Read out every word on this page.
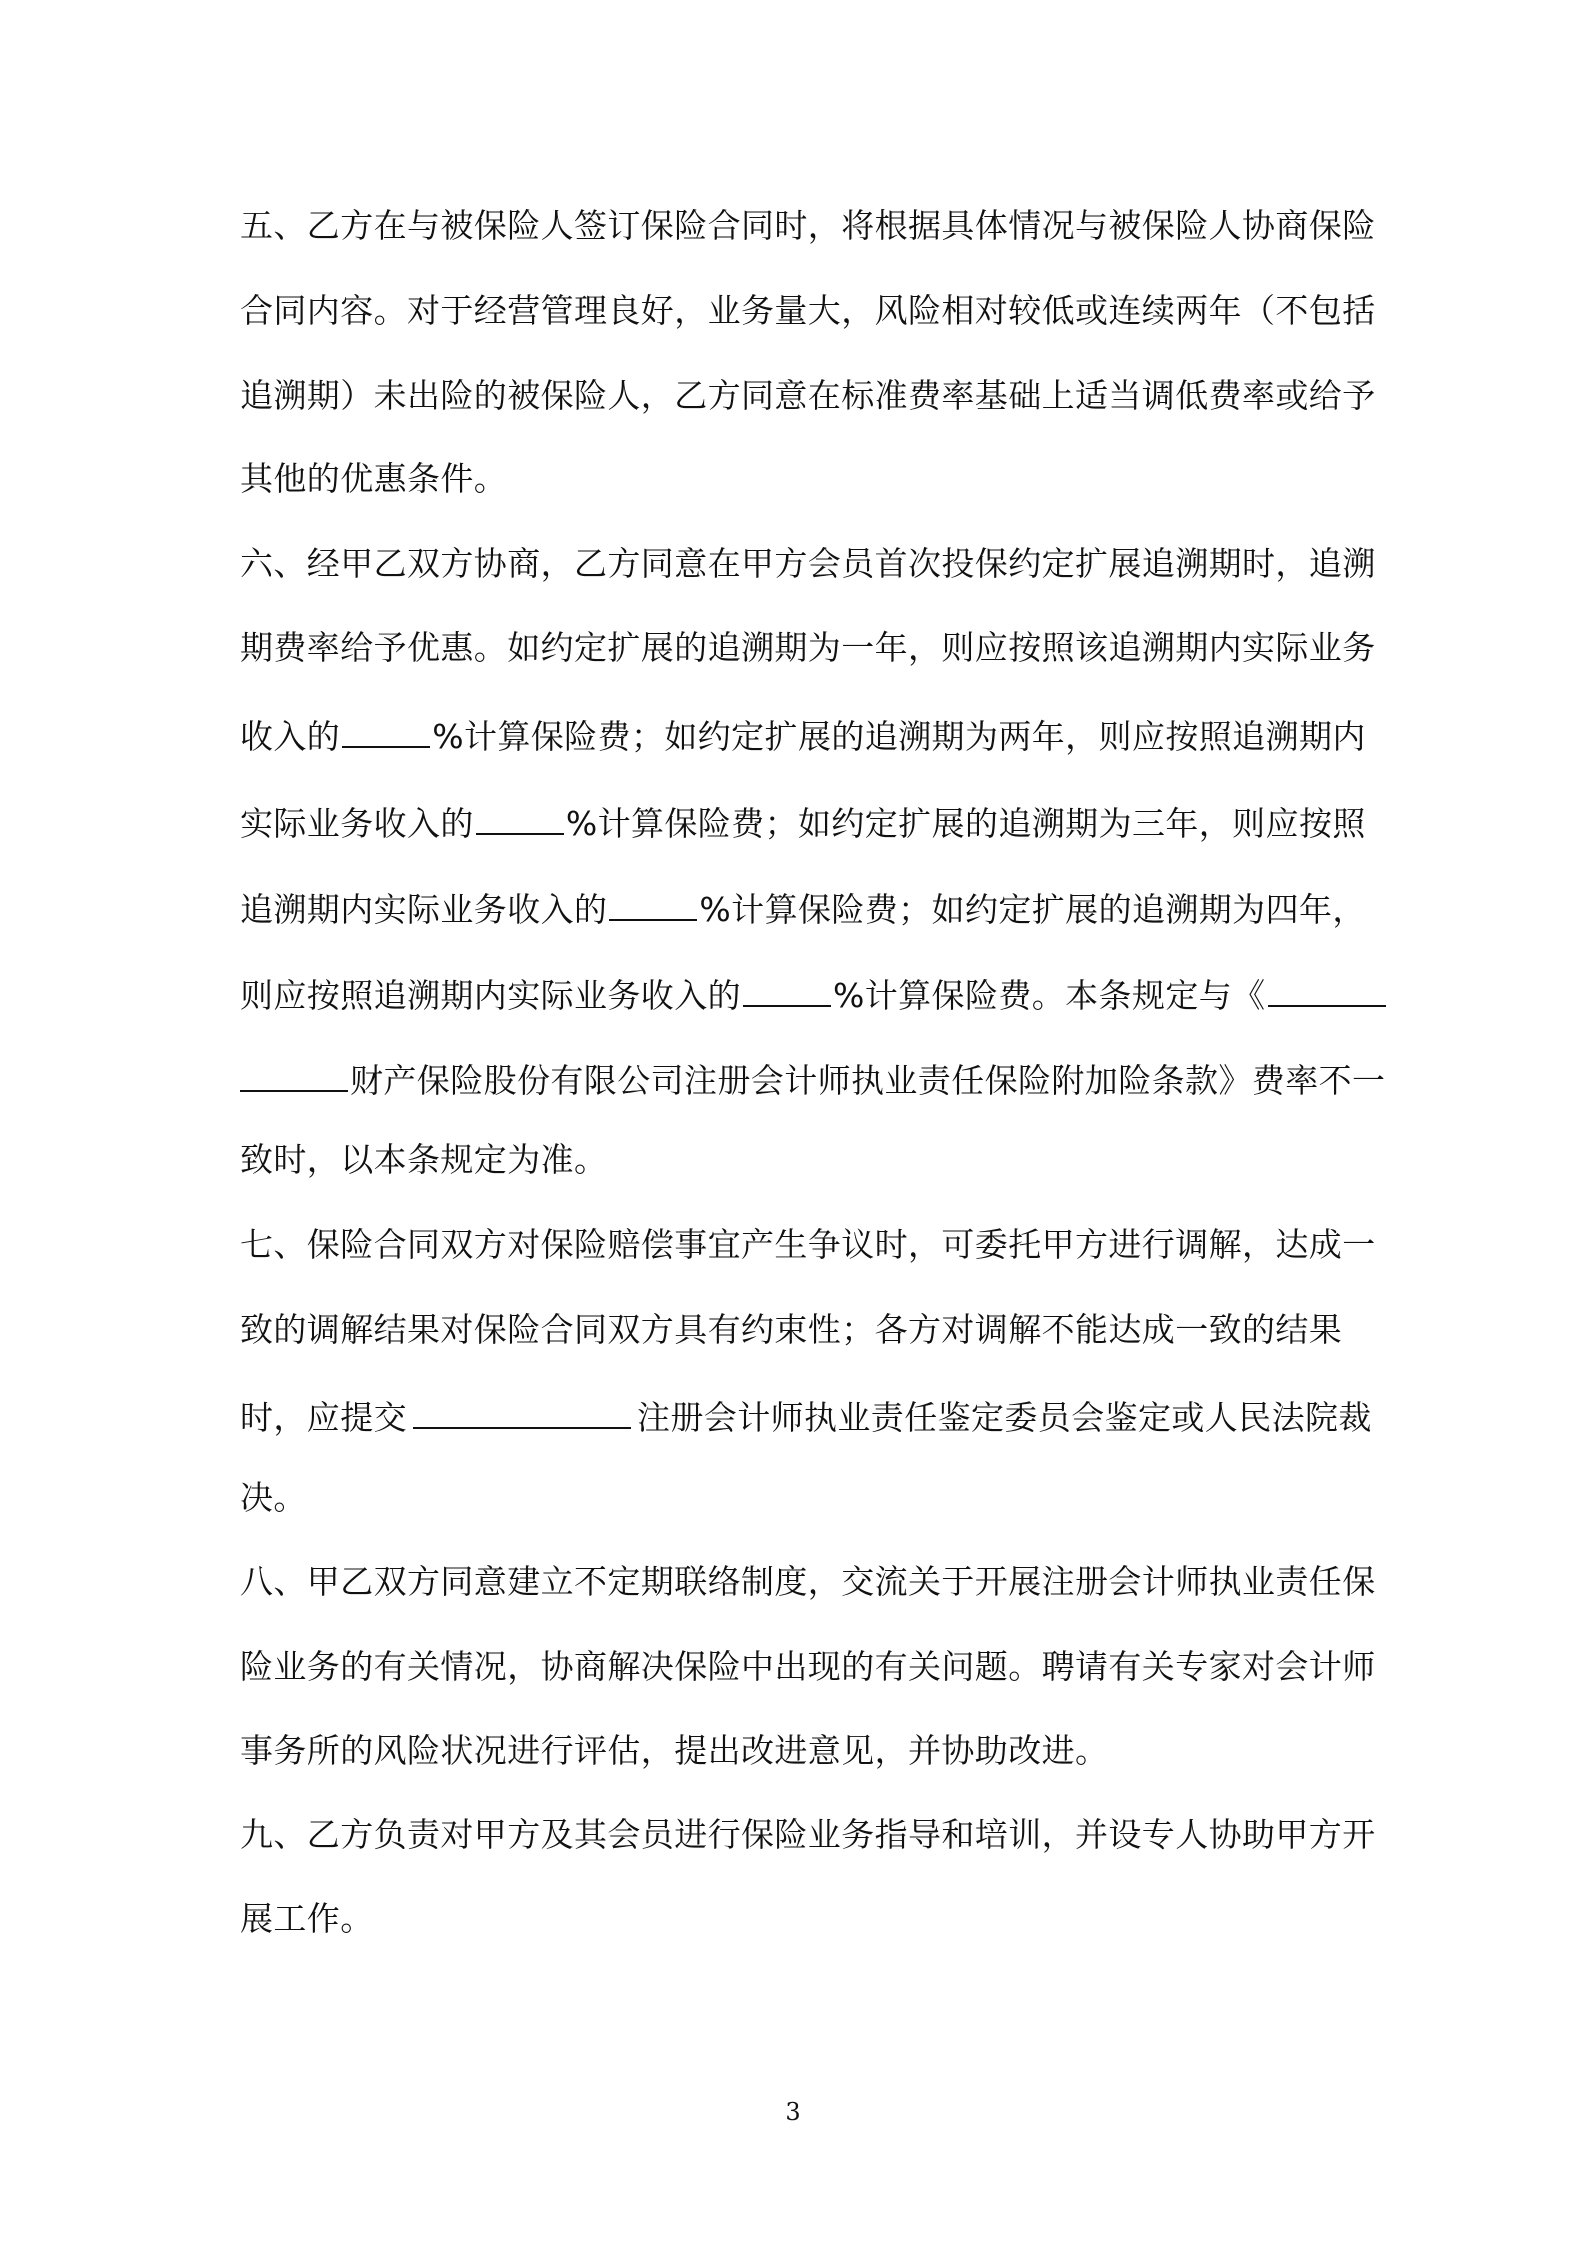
五、乙方在与被保险人签订保险合同时，将根据具体情况与被保险人协商保险
合同内容。对于经营管理良好，业务量大，风险相对较低或连续两年（不包括
追溯期）未出险的被保险人，乙方同意在标准费率基础上适当调低费率或给予
其他的优惠条件。
六、经甲乙双方协商，乙方同意在甲方会员首次投保约定扩展追溯期时，追溯
期费率给予优惠。如约定扩展的追溯期为一年，则应按照该追溯期内实际业务
收入的	%计算保险费；如约定扩展的追溯期为两年，则应按照追溯期内
实际业务收入的	%计算保险费；如约定扩展的追溯期为三年，则应按照
追溯期内实际业务收入的	%计算保险费；如约定扩展的追溯期为四年，
则应按照追溯期内实际业务收入的	%计算保险费。本条规定与《
财产保险股份有限公司注册会计师执业责任保险附加险条款》费率不一
致时，以本条规定为准。
七、保险合同双方对保险赔偿事宜产生争议时，可委托甲方进行调解，达成一
致的调解结果对保险合同双方具有约束性；各方对调解不能达成一致的结果
时，应提交	注册会计师执业责任鉴定委员会鉴定或人民法院裁
决。
八、甲乙双方同意建立不定期联络制度，交流关于开展注册会计师执业责任保
险业务的有关情况，协商解决保险中出现的有关问题。聘请有关专家对会计师
事务所的风险状况进行评估，提出改进意见，并协助改进。
九、乙方负责对甲方及其会员进行保险业务指导和培训，并设专人协助甲方开
展工作。
3
